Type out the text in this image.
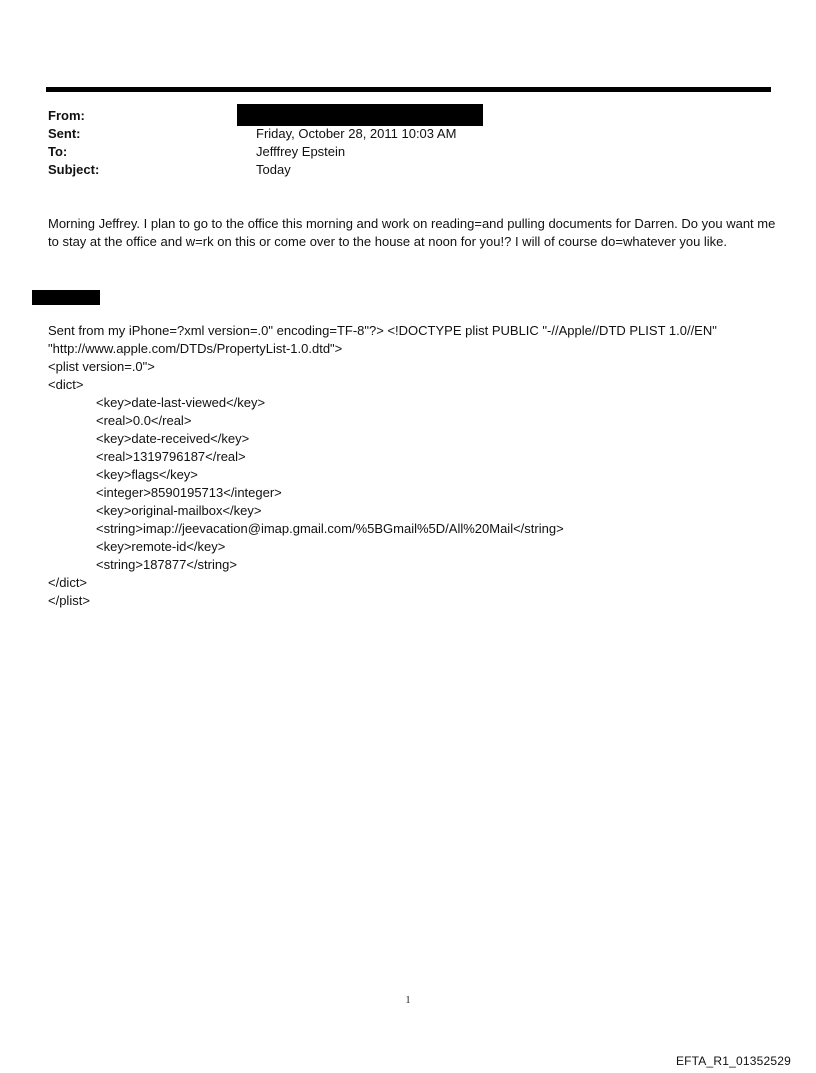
From:
Sent:	Friday, October 28, 2011 10:03 AM
To:	Jefffrey Epstein
Subject:	Today

Morning Jeffrey. I plan to go to the office this morning and work on reading=and pulling documents for Darren. Do you want me to stay at the office and w=rk on this or come over to the house at noon for you!? I will of course do=whatever you like.

Sent from my iPhone=?xml version=.0" encoding=TF-8"?> <!DOCTYPE plist PUBLIC "-//Apple//DTD PLIST 1.0//EN"
"http://www.apple.com/DTDs/PropertyList-1.0.dtd">
<plist version=.0">
<dict>
<key>date-last-viewed</key>
<real>0.0</real>
<key>date-received</key>
<real>1319796187</real>
<key>flags</key>
<integer>8590195713</integer>
<key>original-mailbox</key>
<string>imap://jeevacation@imap.gmail.com/%5BGmail%5D/All%20Mail</string>
<key>remote-id</key>
<string>187877</string>
</dict>
</plist>
1
EFTA_R1_01352529
